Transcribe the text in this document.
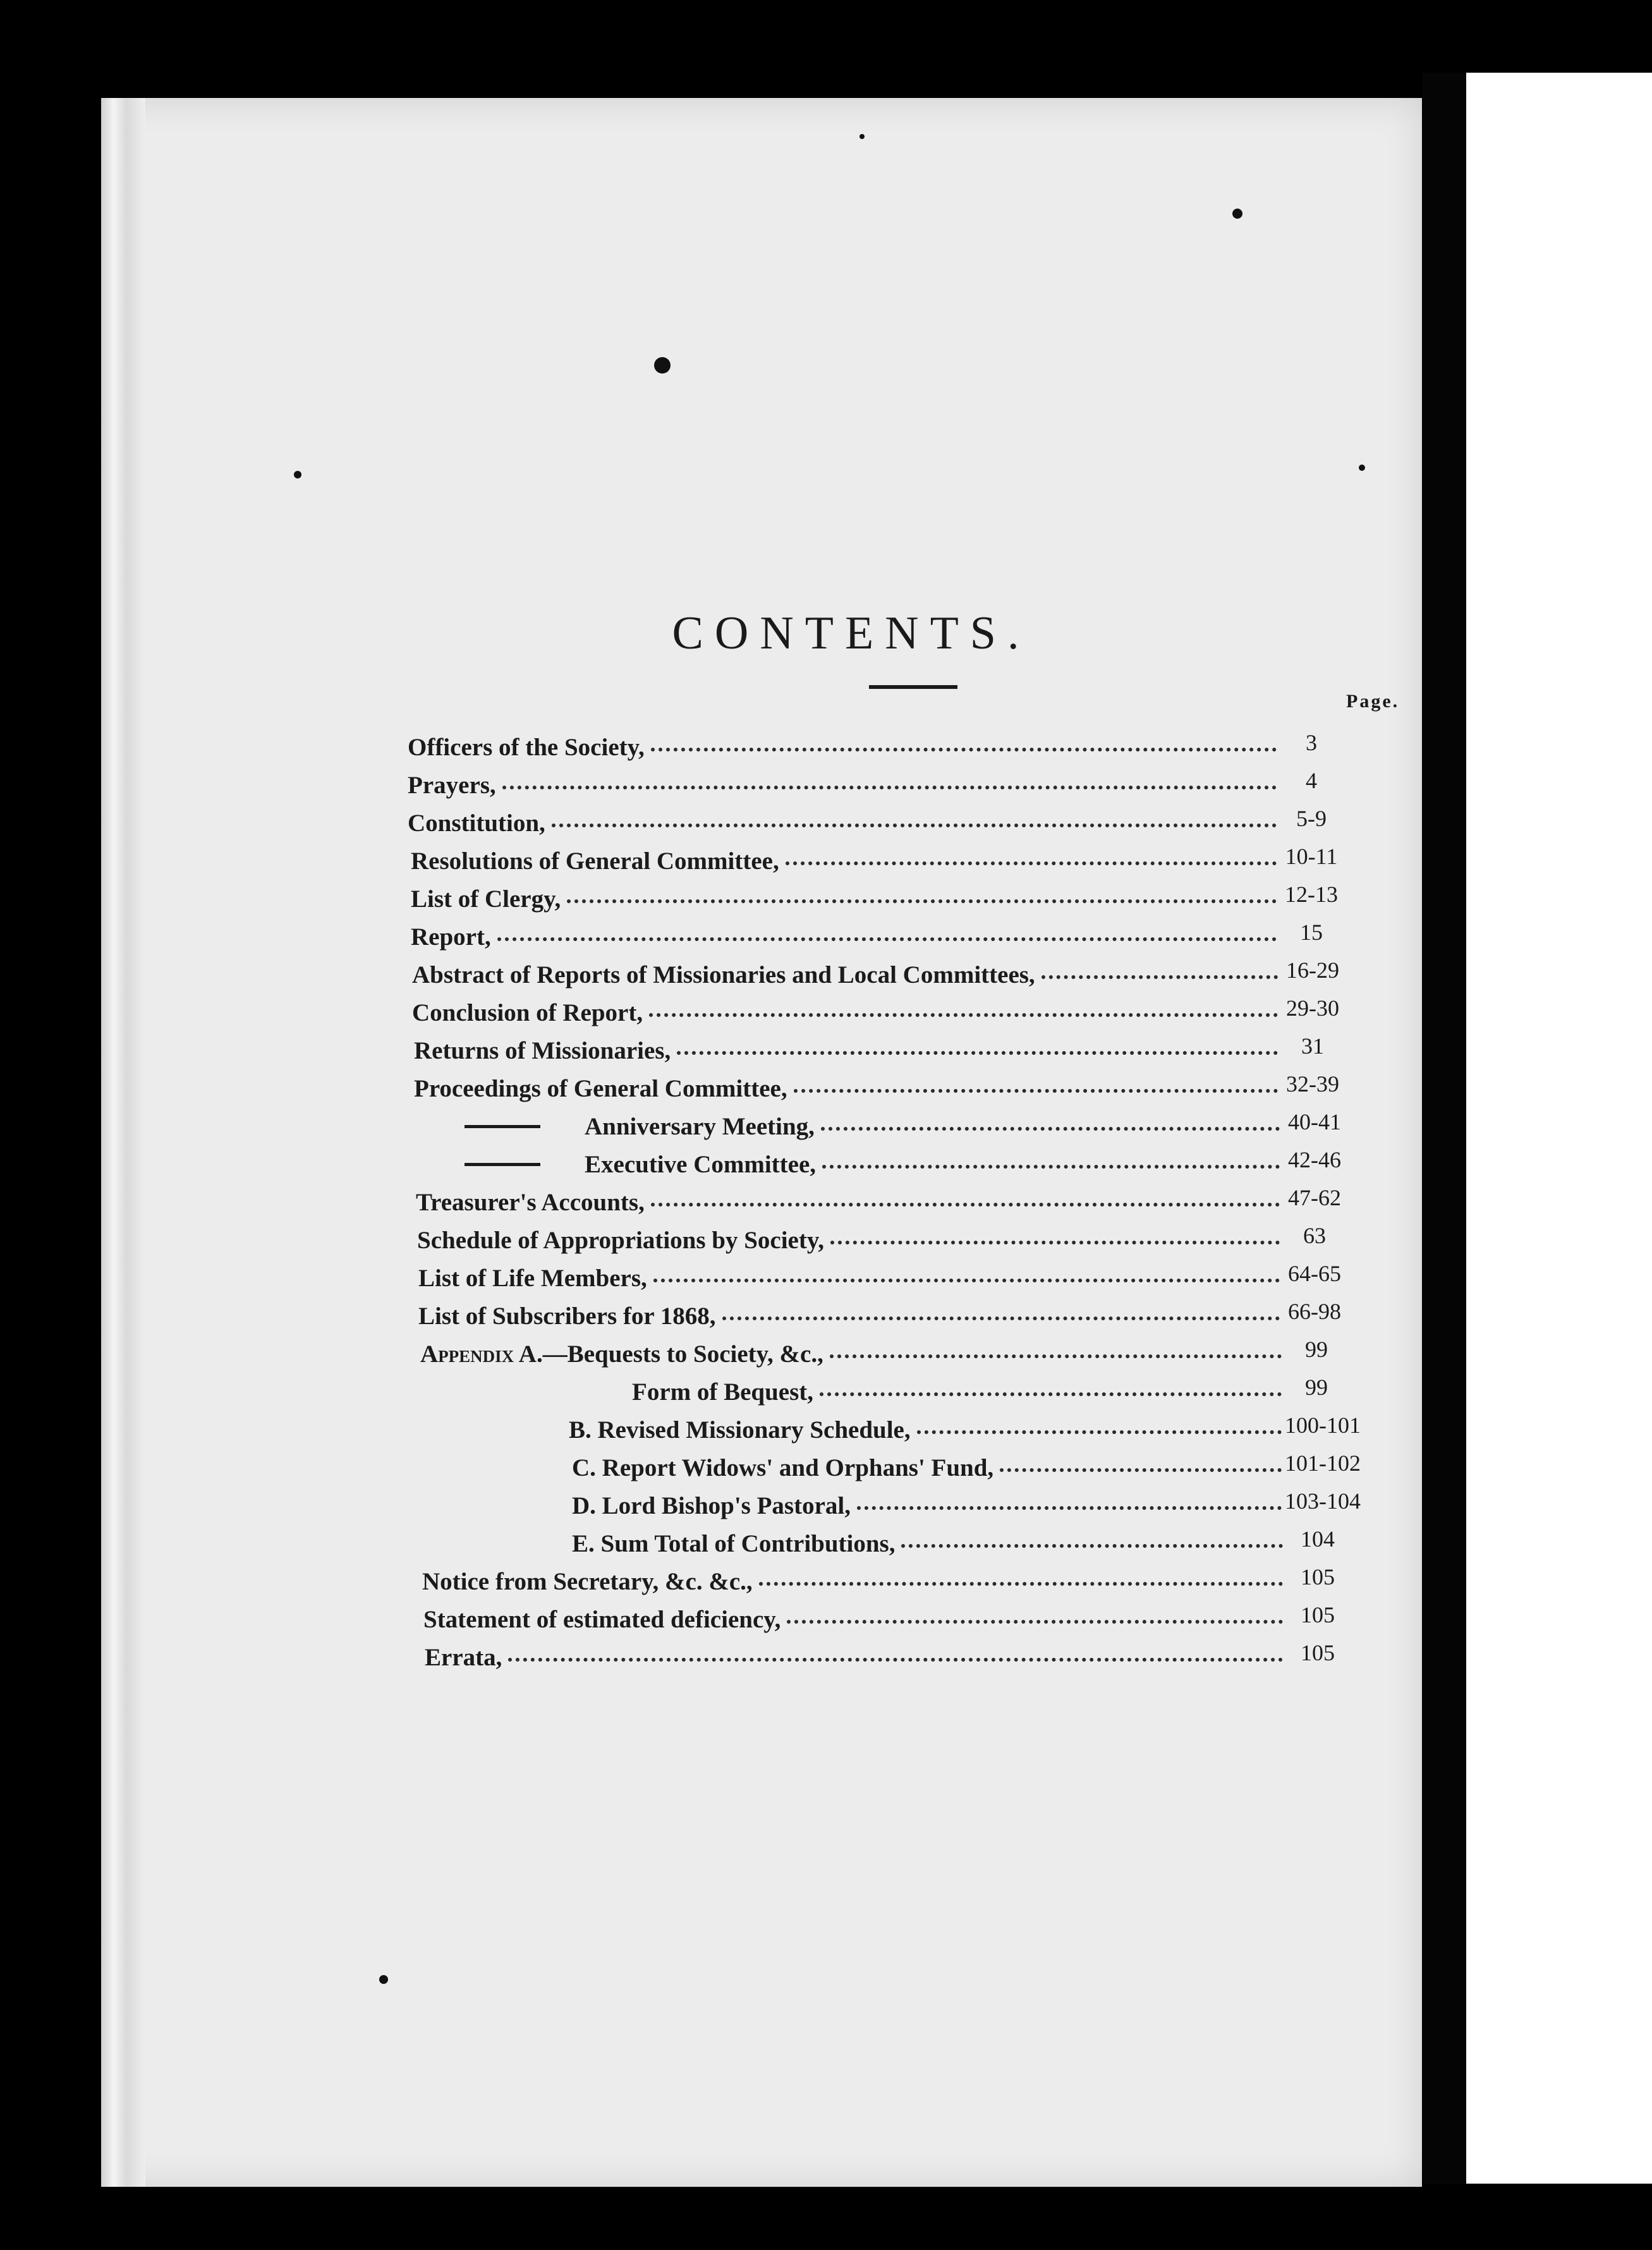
CONTENTS.
Page.
Officers of the Society,	3
Prayers,	4
Constitution,	5-9
Resolutions of General Committee,	10-11
List of Clergy,	12-13
Report,	15
Abstract of Reports of Missionaries and Local Committees,	16-29
Conclusion of Report,	29-30
Returns of Missionaries,	31
Proceedings of General Committee,	32-39
Anniversary Meeting,	40-41
Executive Committee,	42-46
Treasurer's Accounts,	47-62
Schedule of Appropriations by Society,	63
List of Life Members,	64-65
List of Subscribers for 1868,	66-98
Appendix A.—Bequests to Society, &c.,	99
Form of Bequest,	99
B. Revised Missionary Schedule,	100-101
C. Report Widows' and Orphans' Fund,	101-102
D. Lord Bishop's Pastoral,	103-104
E. Sum Total of Contributions,	104
Notice from Secretary, &c. &c.,	105
Statement of estimated deficiency,	105
Errata,	105
